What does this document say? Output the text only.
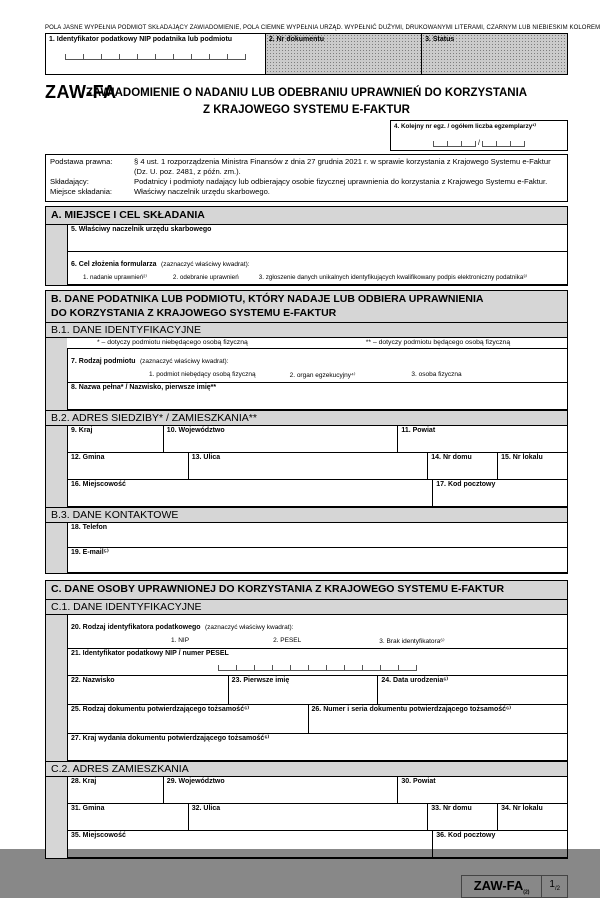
POLA JASNE WYPEŁNIA PODMIOT SKŁADAJĄCY ZAWIADOMIENIE, POLA CIEMNE WYPEŁNIA URZĄD. WYPEŁNIĆ DUŻYMI, DRUKOWANYMI LITERAMI, CZARNYM LUB NIEBIESKIM KOLOREM
1. Identyfikator podatkowy NIP podatnika lub podmiotu	2. Nr dokumentu	3. Status
ZAW-FA
ZAWIADOMIENIE O NADANIU LUB ODEBRANIU UPRAWNIEŃ DO KORZYSTANIA
Z KRAJOWEGO SYSTEMU E-FAKTUR
4. Kolejny nr egz. / ogółem liczba egzemplarzy¹⁾
/
Podstawa prawna:	§ 4 ust. 1 rozporządzenia Ministra Finansów z dnia 27 grudnia 2021 r. w sprawie korzystania z Krajowego Systemu e-Faktur (Dz. U. poz. 2481, z późn. zm.).
Składający:	Podatnicy i podmioty nadający lub odbierający osobie fizycznej uprawnienia do korzystania z Krajowego Systemu e-Faktur.
Miejsce składania:	Właściwy naczelnik urzędu skarbowego.
A. MIEJSCE I CEL SKŁADANIA
5. Właściwy naczelnik urzędu skarbowego
6. Cel złożenia formularza (zaznaczyć właściwy kwadrat):
1. nadanie uprawnień²⁾	2. odebranie uprawnień	3. zgłoszenie danych unikalnych identyfikujących kwalifikowany podpis elektroniczny podatnika³⁾
B. DANE PODATNIKA LUB PODMIOTU, KTÓRY NADAJE LUB ODBIERA UPRAWNIENIA
DO KORZYSTANIA Z KRAJOWEGO SYSTEMU E-FAKTUR
B.1. DANE IDENTYFIKACYJNE
* – dotyczy podmiotu niebędącego osobą fizyczną	** – dotyczy podmiotu będącego osobą fizyczną
7. Rodzaj podmiotu (zaznaczyć właściwy kwadrat):
1. podmiot niebędący osobą fizyczną	2. organ egzekucyjny⁴⁾	3. osoba fizyczna
8. Nazwa pełna* / Nazwisko, pierwsze imię**
B.2. ADRES SIEDZIBY* / ZAMIESZKANIA**
9. Kraj	10. Województwo	11. Powiat
12. Gmina	13. Ulica	14. Nr domu	15. Nr lokalu
16. Miejscowość	17. Kod pocztowy
B.3. DANE KONTAKTOWE
18. Telefon
19. E-mail⁵⁾
C. DANE OSOBY UPRAWNIONEJ DO KORZYSTANIA Z KRAJOWEGO SYSTEMU E-FAKTUR
C.1. DANE IDENTYFIKACYJNE
20. Rodzaj identyfikatora podatkowego (zaznaczyć właściwy kwadrat):
1. NIP	2. PESEL	3. Brak identyfikatora⁶⁾
21. Identyfikator podatkowy NIP / numer PESEL
22. Nazwisko	23. Pierwsze imię	24. Data urodzenia⁶⁾
25. Rodzaj dokumentu potwierdzającego tożsamość⁶⁾	26. Numer i seria dokumentu potwierdzającego tożsamość⁶⁾
27. Kraj wydania dokumentu potwierdzającego tożsamość⁶⁾
C.2. ADRES ZAMIESZKANIA
28. Kraj	29. Województwo	30. Powiat
31. Gmina	32. Ulica	33. Nr domu	34. Nr lokalu
35. Miejscowość	36. Kod pocztowy
ZAW-$FA_{(2)}$
$1_{/2}$
